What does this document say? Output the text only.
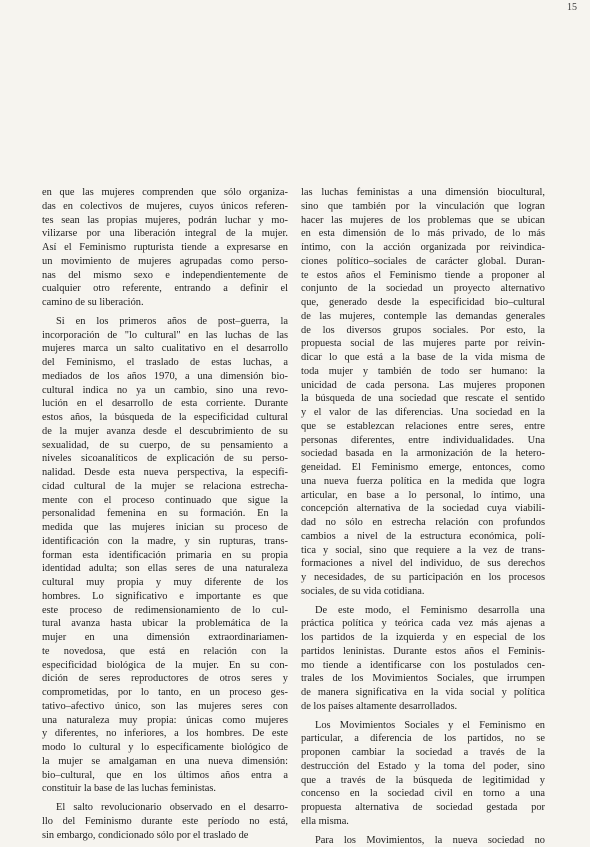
15
en que las mujeres comprenden que sólo organiza-
das en colectivos de mujeres, cuyos únicos referen-
tes sean las propias mujeres, podrán luchar y mo-
vilizarse por una liberación integral de la mujer.
Así el Feminismo rupturista tiende a expresarse en
un movimiento de mujeres agrupadas como perso-
nas del mismo sexo e independientemente de
cualquier otro referente, entrando a definir el
camino de su liberación.
Si en los primeros años de post–guerra, la
incorporación de "lo cultural" en las luchas de las
mujeres marca un salto cualitativo en el desarrollo
del Feminismo, el traslado de estas luchas, a
mediados de los años 1970, a una dimensión bio-
cultural indica no ya un cambio, sino una revo-
lución en el desarrollo de esta corriente. Durante
estos años, la búsqueda de la especificidad cultural
de la mujer avanza desde el descubrimiento de su
sexualidad, de su cuerpo, de su pensamiento a
niveles sicoanalíticos de explicación de su perso-
nalidad. Desde esta nueva perspectiva, la especifi-
cidad cultural de la mujer se relaciona estrecha-
mente con el proceso continuado que sigue la
personalidad femenina en su formación. En la
medida que las mujeres inician su proceso de
identificación con la madre, y sin rupturas, trans-
forman esta identificación primaria en su propia
identidad adulta; son ellas seres de una naturaleza
cultural muy propia y muy diferente de los
hombres. Lo significativo e importante es que
este proceso de redimensionamiento de lo cul-
tural avanza hasta ubicar la problemática de la
mujer en una dimensión extraordinariamen-
te novedosa, que está en relación con la
especificidad biológica de la mujer. En su con-
dición de seres reproductores de otros seres y
comprometidas, por lo tanto, en un proceso ges-
tativo–afectivo único, son las mujeres seres con
una naturaleza muy propia: únicas como mujeres
y diferentes, no inferiores, a los hombres. De este
modo lo cultural y lo específicamente biológico de
la mujer se amalgaman en una nueva dimensión:
bio–cultural, que en los últimos años entra a
constituir la base de las luchas feministas.
El salto revolucionario observado en el desarro-
llo del Feminismo durante este período no está,
sin embargo, condicionado sólo por el traslado de
las luchas feministas a una dimensión biocultural,
sino que también por la vinculación que logran
hacer las mujeres de los problemas que se ubican
en esta dimensión de lo más privado, de lo más
íntimo, con la acción organizada por reivindica-
ciones político–sociales de carácter global. Duran-
te estos años el Feminismo tiende a proponer al
conjunto de la sociedad un proyecto alternativo
que, generado desde la especificidad bio–cultural
de las mujeres, contemple las demandas generales
de los diversos grupos sociales. Por esto, la
propuesta social de las mujeres parte por reivin-
dicar lo que está a la base de la vida misma de
toda mujer y también de todo ser humano: la
unicidad de cada persona. Las mujeres proponen
la búsqueda de una sociedad que rescate el sentido
y el valor de las diferencias. Una sociedad en la
que se establezcan relaciones entre seres, entre
personas diferentes, entre individualidades. Una
sociedad basada en la armonización de la hetero-
geneidad. El Feminismo emerge, entonces, como
una nueva fuerza política en la medida que logra
articular, en base a lo personal, lo íntimo, una
concepción alternativa de la sociedad cuya viabili-
dad no sólo en estrecha relación con profundos
cambios a nivel de la estructura económica, polí-
tica y social, sino que requiere a la vez de trans-
formaciones a nivel del individuo, de sus derechos
y necesidades, de su participación en los procesos
sociales, de su vida cotidiana.
De este modo, el Feminismo desarrolla una
práctica política y teórica cada vez más ajenas a
los partidos de la izquierda y en especial de los
partidos leninistas. Durante estos años el Feminis-
mo tiende a identificarse con los postulados cen-
trales de los Movimientos Sociales, que irrumpen
de manera significativa en la vida social y política
de los países altamente desarrollados.
Los Movimientos Sociales y el Feminismo en
particular, a diferencia de los partidos, no se
proponen cambiar la sociedad a través de la
destrucción del Estado y la toma del poder, sino
que a través de la búsqueda de legitimidad y
concenso en la sociedad civil en torno a una
propuesta alternativa de sociedad gestada por
ella misma.
Para los Movimientos, la nueva sociedad no
